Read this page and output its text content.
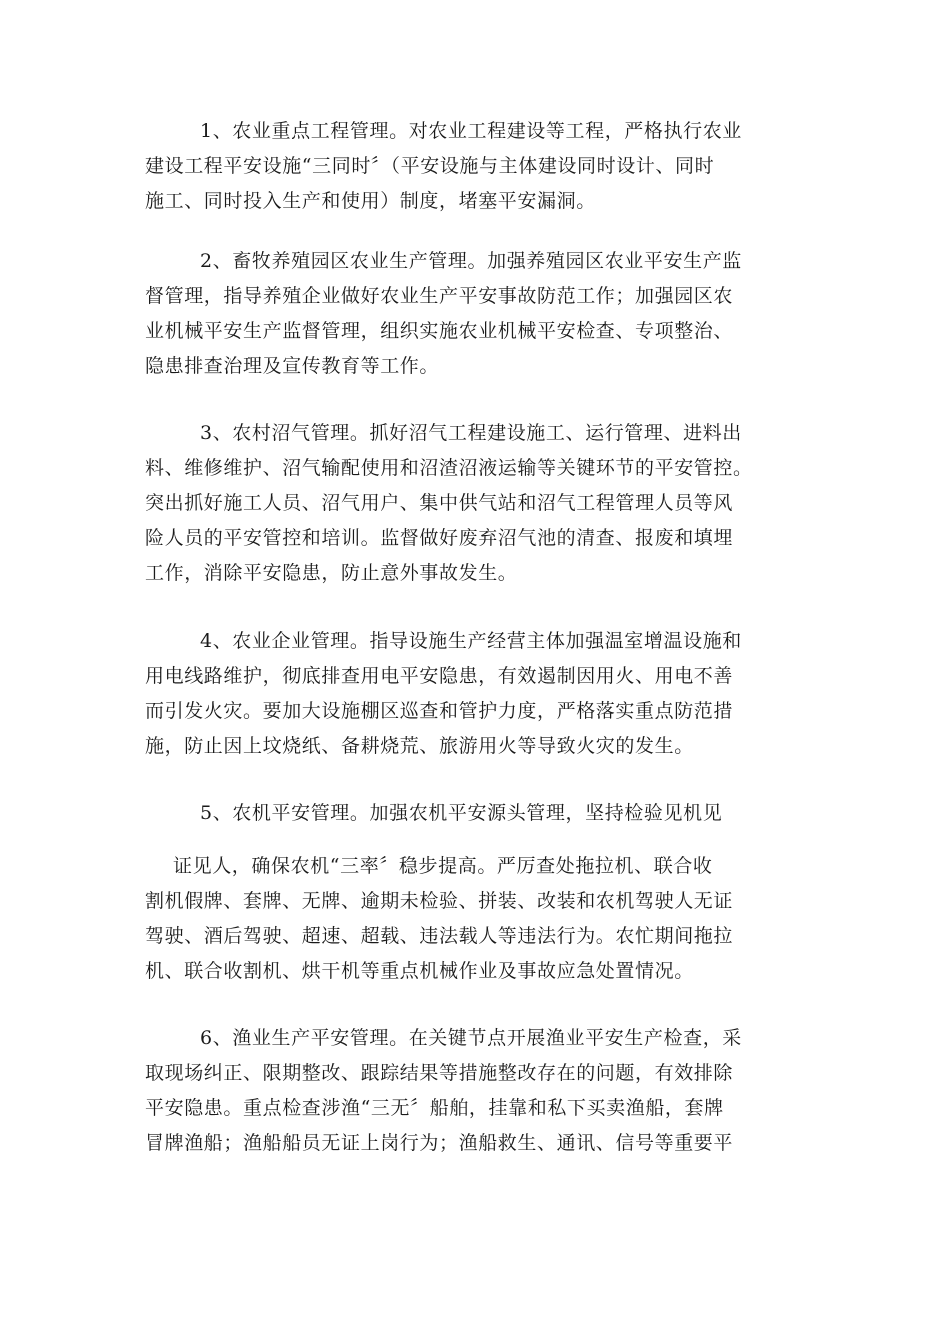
1、农业重点工程管理。对农业工程建设等工程，严格执行农业
建设工程平安设施“三同时〞（平安设施与主体建设同时设计、同时
施工、同时投入生产和使用）制度，堵塞平安漏洞。

2、畜牧养殖园区农业生产管理。加强养殖园区农业平安生产监
督管理，指导养殖企业做好农业生产平安事故防范工作；加强园区农
业机械平安生产监督管理，组织实施农业机械平安检查、专项整治、
隐患排查治理及宣传教育等工作。

3、农村沼气管理。抓好沼气工程建设施工、运行管理、进料出
料、维修维护、沼气输配使用和沼渣沼液运输等关键环节的平安管控。
突出抓好施工人员、沼气用户、集中供气站和沼气工程管理人员等风
险人员的平安管控和培训。监督做好废弃沼气池的清查、报废和填埋
工作，消除平安隐患，防止意外事故发生。

4、农业企业管理。指导设施生产经营主体加强温室增温设施和
用电线路维护，彻底排查用电平安隐患，有效遏制因用火、用电不善
而引发火灾。要加大设施棚区巡查和管护力度，严格落实重点防范措
施，防止因上坟烧纸、备耕烧荒、旅游用火等导致火灾的发生。

5、农机平安管理。加强农机平安源头管理，坚持检验见机见

证见人，确保农机“三率〞稳步提高。严厉查处拖拉机、联合收
割机假牌、套牌、无牌、逾期未检验、拼装、改装和农机驾驶人无证
驾驶、酒后驾驶、超速、超载、违法载人等违法行为。农忙期间拖拉
机、联合收割机、烘干机等重点机械作业及事故应急处置情况。

6、渔业生产平安管理。在关键节点开展渔业平安生产检查，采
取现场纠正、限期整改、跟踪结果等措施整改存在的问题，有效排除
平安隐患。重点检查涉渔“三无〞船舶，挂靠和私下买卖渔船，套牌
冒牌渔船；渔船船员无证上岗行为；渔船救生、通讯、信号等重要平
